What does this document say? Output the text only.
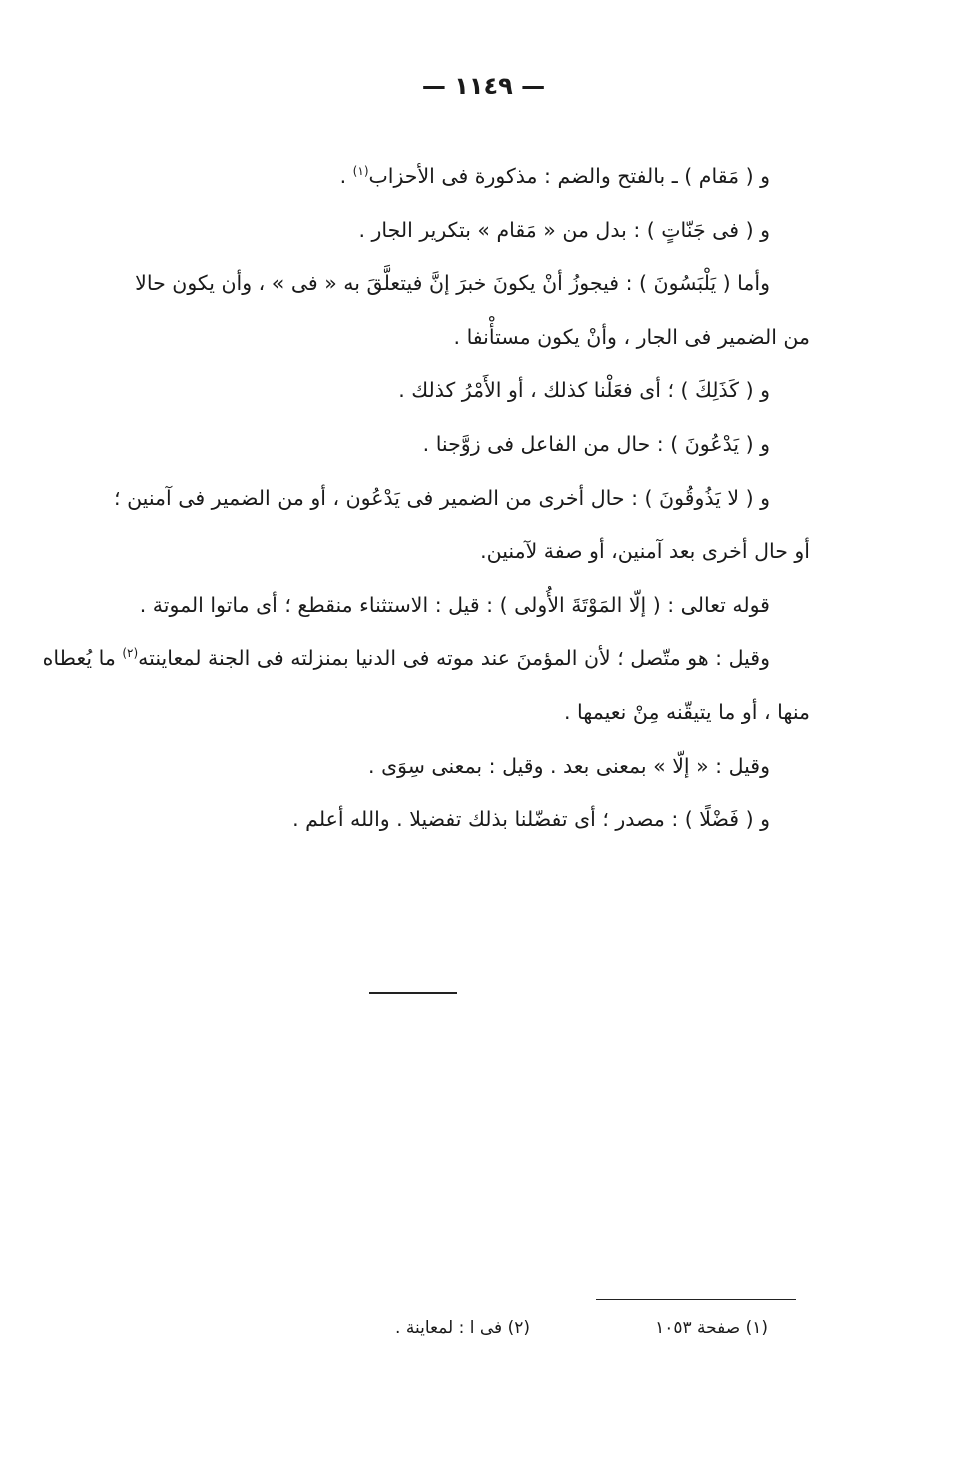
— ١١٤٩ —
و ( مَقام ) ـ بالفتح والضم : مذكورة فى الأحزاب$^{(١)}$ .
و ( فى جَنّاتٍ ) : بدل من « مَقام » بتكرير الجار .
وأما ( يَلْبَسُونَ ) : فيجوزُ أنْ يكونَ خبرَ إنَّ فيتعلَّقَ به « فى » ، وأن يكون حالا
من الضمير فى الجار ، وأنْ يكون مستأْنفا .
و ( كَذَلِكَ ) ؛ أى فعَلْنا كذلك ، أو الأَمْرُ كذلك .
و ( يَدْعُونَ ) : حال من الفاعل فى زوَّجنا .
و ( لا يَذُوقُونَ ) : حال أخرى من الضمير فى يَدْعُون ، أو من الضمير فى آمنين ؛
أو حال أخرى بعد آمنين، أو صفة لآمنين.
قوله تعالى : ( إلّا المَوْتَةَ الأُولى ) : قيل : الاستثناء منقطع ؛ أى ماتوا الموتة .
وقيل : هو متّصل ؛ لأن المؤمنَ عند موته فى الدنيا بمنزلته فى الجنة لمعاينته$^{(٢)}$ ما يُعطاه
منها ، أو ما يتيقّنه مِنْ نعيمها .
وقيل : « إلّا » بمعنى بعد . وقيل : بمعنى سِوَى .
و ( فَضْلًا ) : مصدر ؛ أى تفضّلنا بذلك تفضيلا . والله أعلم .
(١) صفحة ١٠٥٣
(٢) فى ا : لمعاينة .
